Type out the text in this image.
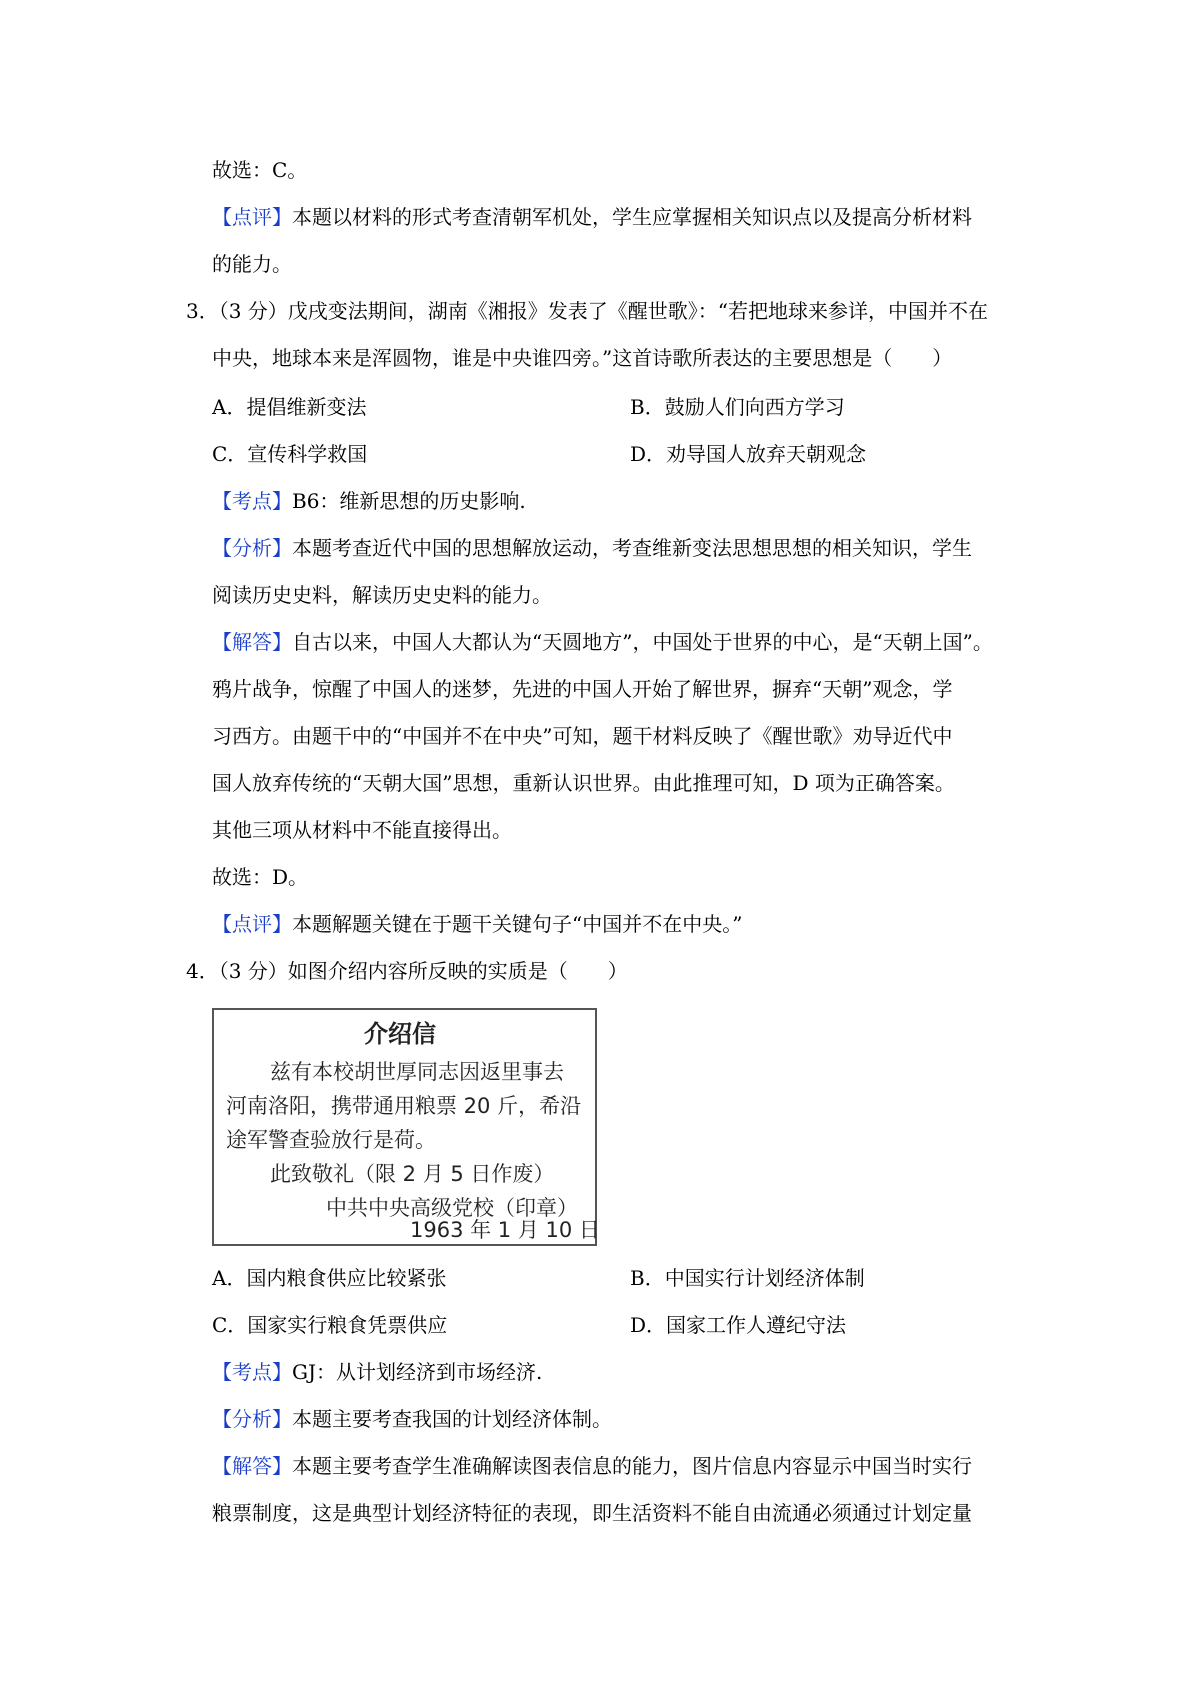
故选：C。
【点评】本题以材料的形式考查清朝军机处，学生应掌握相关知识点以及提高分析材料
的能力。
3．（3 分）戊戌变法期间，湖南《湘报》发表了《醒世歌》：“若把地球来参详，中国并不在
中央，地球本来是浑圆物，谁是中央谁四旁。”这首诗歌所表达的主要思想是（　　）
A．提倡维新变法	B．鼓励人们向西方学习
C．宣传科学救国	D．劝导国人放弃天朝观念
【考点】B6：维新思想的历史影响.
【分析】本题考查近代中国的思想解放运动，考查维新变法思想思想的相关知识，学生
阅读历史史料，解读历史史料的能力。
【解答】自古以来，中国人大都认为“天圆地方”，中国处于世界的中心，是“天朝上国”。
鸦片战争，惊醒了中国人的迷梦，先进的中国人开始了解世界，摒弃“天朝”观念，学
习西方。由题干中的“中国并不在中央”可知，题干材料反映了《醒世歌》劝导近代中
国人放弃传统的“天朝大国”思想，重新认识世界。由此推理可知，D 项为正确答案。
其他三项从材料中不能直接得出。
故选：D。
【点评】本题解题关键在于题干关键句子“中国并不在中央。”
4．（3 分）如图介绍内容所反映的实质是（　　）
介绍信
兹有本校胡世厚同志因返里事去
河南洛阳，携带通用粮票 20 斤，希沿
途军警查验放行是荷。
此致敬礼（限 2 月 5 日作废）
中共中央高级党校（印章）
1963 年 1 月 10 日
A．国内粮食供应比较紧张	B．中国实行计划经济体制
C．国家实行粮食凭票供应	D．国家工作人遵纪守法
【考点】GJ：从计划经济到市场经济.
【分析】本题主要考查我国的计划经济体制。
【解答】本题主要考查学生准确解读图表信息的能力，图片信息内容显示中国当时实行
粮票制度，这是典型计划经济特征的表现，即生活资料不能自由流通必须通过计划定量
